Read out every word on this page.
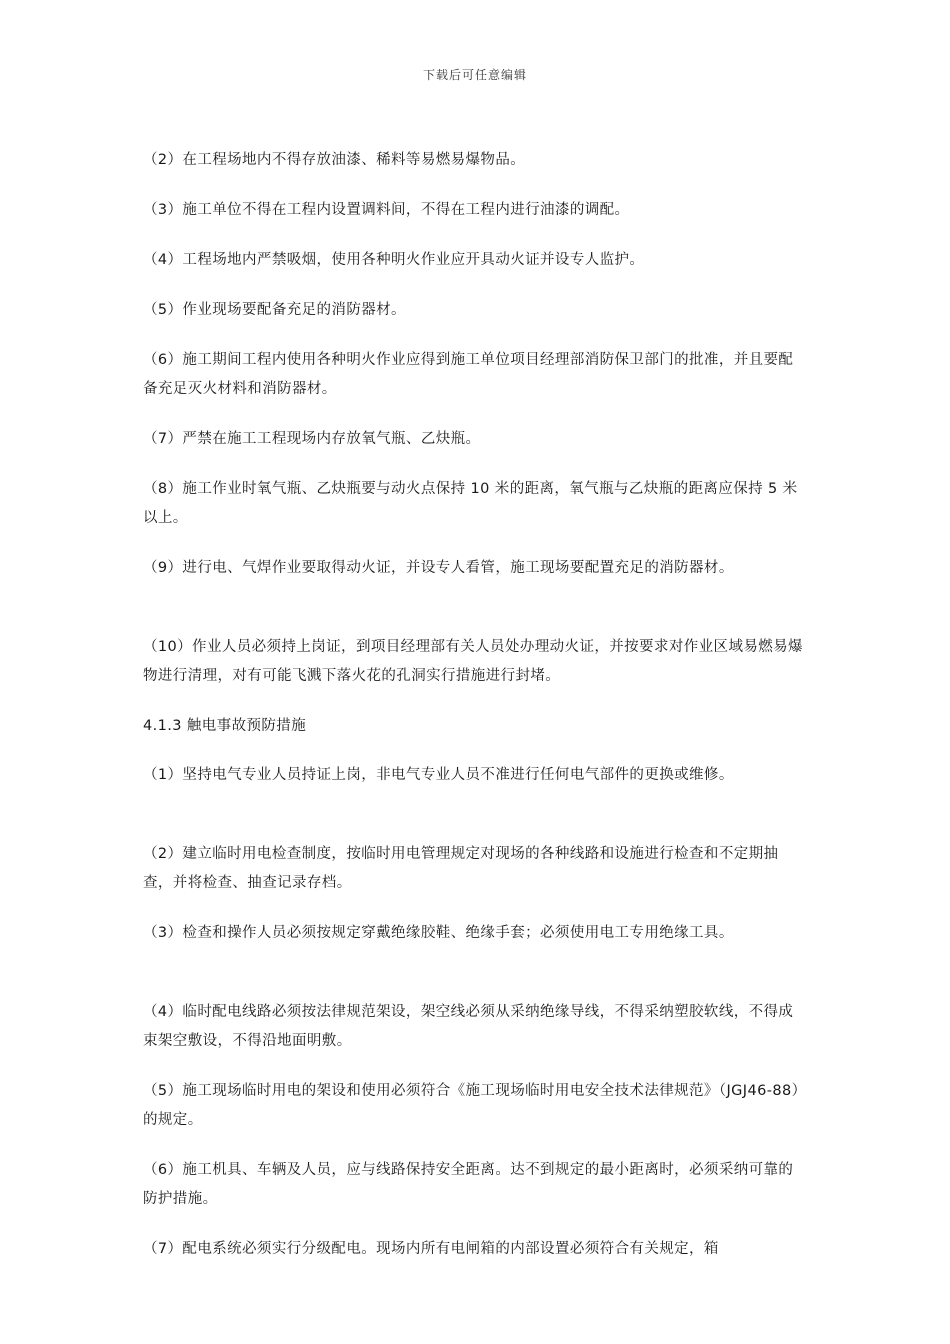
下载后可任意编辑

（2）在工程场地内不得存放油漆、稀料等易燃易爆物品。

（3）施工单位不得在工程内设置调料间，不得在工程内进行油漆的调配。

（4）工程场地内严禁吸烟，使用各种明火作业应开具动火证并设专人监护。

（5）作业现场要配备充足的消防器材。

（6）施工期间工程内使用各种明火作业应得到施工单位项目经理部消防保卫部门的批准，并且要配备充足灭火材料和消防器材。

（7）严禁在施工工程现场内存放氧气瓶、乙炔瓶。

（8）施工作业时氧气瓶、乙炔瓶要与动火点保持 10 米的距离，氧气瓶与乙炔瓶的距离应保持 5 米以上。

（9）进行电、气焊作业要取得动火证，并设专人看管，施工现场要配置充足的消防器材。

（10）作业人员必须持上岗证，到项目经理部有关人员处办理动火证，并按要求对作业区域易燃易爆物进行清理，对有可能飞溅下落火花的孔洞实行措施进行封堵。

4.1.3 触电事故预防措施

（1）坚持电气专业人员持证上岗，非电气专业人员不准进行任何电气部件的更换或维修。

（2）建立临时用电检查制度，按临时用电管理规定对现场的各种线路和设施进行检查和不定期抽查，并将检查、抽查记录存档。

（3）检查和操作人员必须按规定穿戴绝缘胶鞋、绝缘手套；必须使用电工专用绝缘工具。

（4）临时配电线路必须按法律规范架设，架空线必须从采纳绝缘导线，不得采纳塑胶软线，不得成束架空敷设，不得沿地面明敷。

（5）施工现场临时用电的架设和使用必须符合《施工现场临时用电安全技术法律规范》（JGJ46-88）的规定。

（6）施工机具、车辆及人员，应与线路保持安全距离。达不到规定的最小距离时，必须采纳可靠的防护措施。

（7）配电系统必须实行分级配电。现场内所有电闸箱的内部设置必须符合有关规定，箱
